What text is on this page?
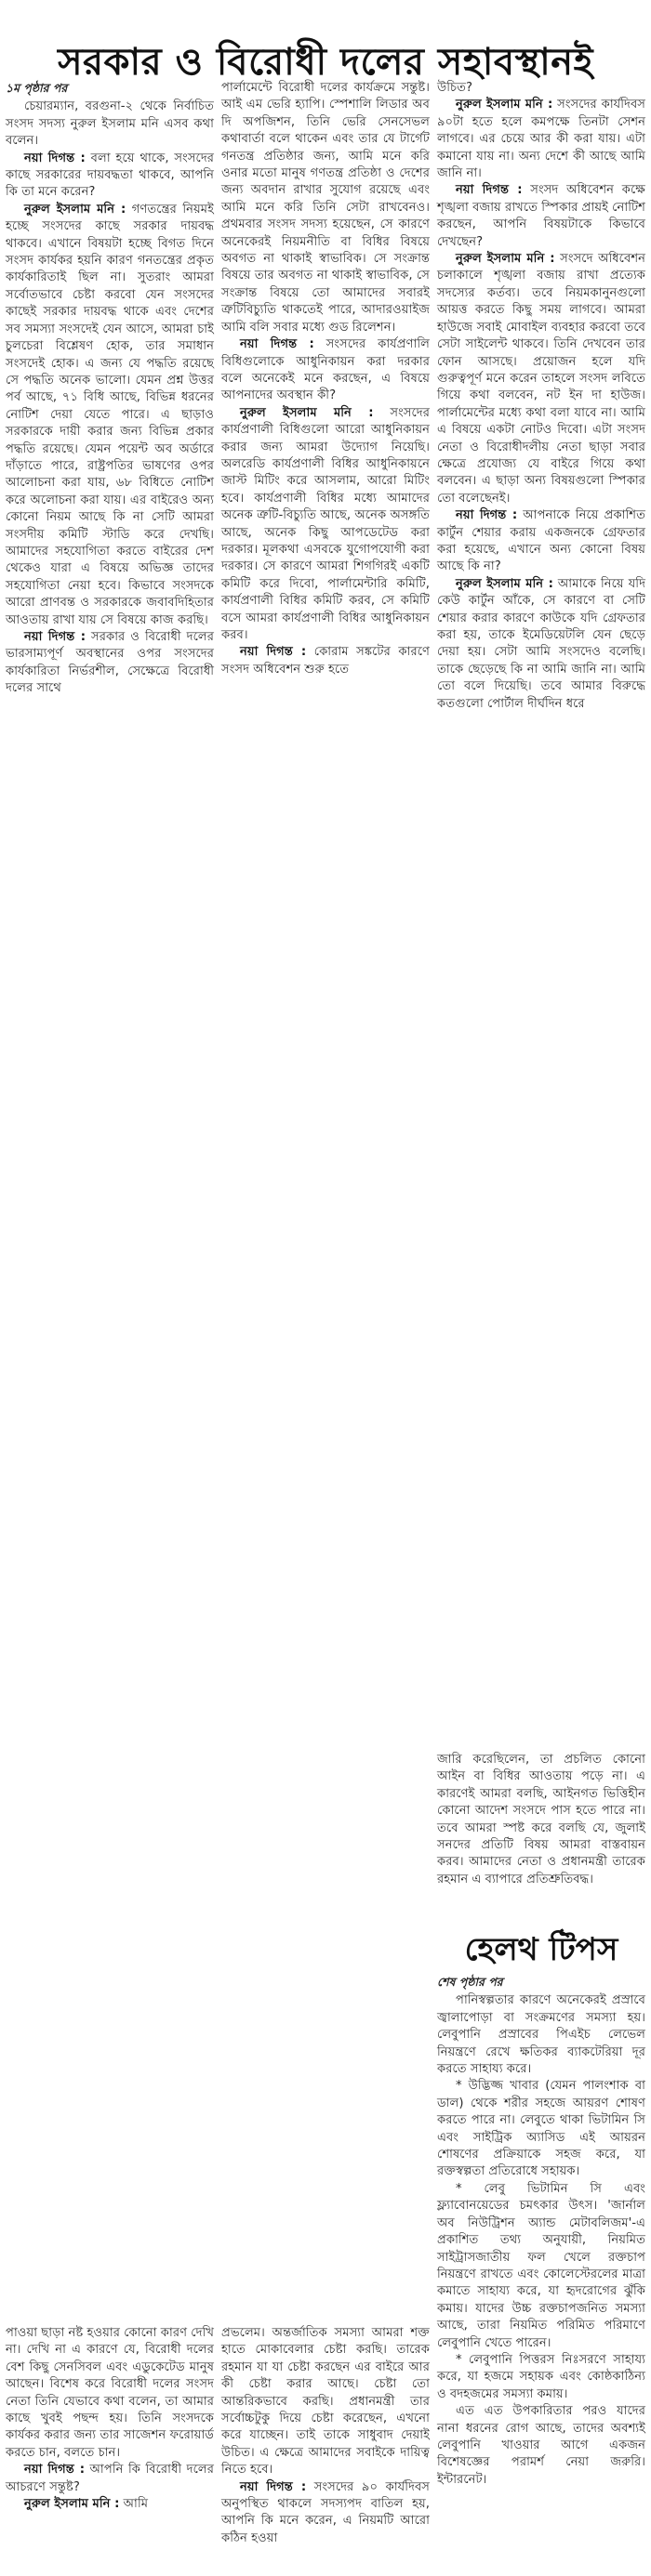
সরকার ও বিরোধী দলের সহাবস্থানই
১ম পৃষ্ঠার পর

চেয়ারম্যান, বরগুনা-২ থেকে নির্বাচিত সংসদ সদস্য নুরুল ইসলাম মনি এসব কথা বলেন।

নয়া দিগন্ত : বলা হয়ে থাকে, সংসদের কাছে সরকারের দায়বদ্ধতা থাকবে, আপনি কি তা মনে করেন?

নুরুল ইসলাম মনি : গণতন্ত্রের নিয়মই হচ্ছে সংসদের কাছে সরকার দায়বদ্ধ থাকবে। এখানে বিষয়টা হচ্ছে বিগত দিনে সংসদ কার্যকর হয়নি কারণ গনতন্ত্রের প্রকৃত কার্যকারিতাই ছিল না। সুতরাং আমরা সর্বোতভাবে চেষ্টা করবো যেন সংসদের কাছেই সরকার দায়বদ্ধ থাকে এবং দেশের সব সমস্যা সংসদেই যেন আসে, আমরা চাই চুলচেরা বিশ্লেষণ হোক, তার সমাধান সংসদেই হোক। এ জন্য যে পদ্ধতি রয়েছে সে পদ্ধতি অনেক ভালো। যেমন প্রশ্ন উত্তর পর্ব আছে, ৭১ বিধি আছে, বিভিন্ন ধরনের নোটিশ দেয়া যেতে পারে। এ ছাড়াও সরকারকে দায়ী করার জন্য বিভিন্ন প্রকার পদ্ধতি রয়েছে। যেমন পয়েন্ট অব অর্ডারে দাঁড়াতে পারে, রাষ্ট্রপতির ভাষণের ওপর আলোচনা করা যায়, ৬৮ বিধিতে নোটিশ করে অলোচনা করা যায়। এর বাইরেও অন্য কোনো নিয়ম আছে কি না সেটি আমরা সংসদীয় কমিটি স্টাডি করে দেখছি। আমাদের সহযোগিতা করতে বাইরের দেশ থেকেও যারা এ বিষয়ে অভিজ্ঞ তাদের সহযোগিতা নেয়া হবে। কিভাবে সংসদকে আরো প্রাণবন্ত ও সরকারকে জবাবদিহিতার আওতায় রাখা যায় সে বিষয়ে কাজ করছি।

নয়া দিগন্ত : সরকার ও বিরোধী দলের ভারসাম্যপূর্ণ অবস্থানের ওপর সংসদের কার্যকারিতা নির্ভরশীল, সেক্ষেত্রে বিরোধী দলের সাথে

পাওয়া ছাড়া নষ্ট হওয়ার কোনো কারণ দেখি না। দেখি না এ কারণে যে, বিরোধী দলের বেশ কিছু সেনসিবল এবং এডুকেটেড মানুষ আছেন। বিশেষ করে বিরোধী দলের সংসদ নেতা তিনি যেভাবে কথা বলেন, তা আমার কাছে খুবই পছন্দ হয়। তিনি সংসদকে কার্যকর করার জন্য তার সাজেশন ফরোয়ার্ড করতে চান, বলতে চান।

নয়া দিগন্ত : আপনি কি বিরোধী দলের আচরণে সন্তুষ্ট?

নুরুল ইসলাম মনি : আমি

পার্লামেন্টে বিরোধী দলের কার্যক্রমে সন্তুষ্ট। আই এম ভেরি হ্যাপি। স্পেশালি লিডার অব দি অপজিশন, তিনি ভেরি সেনসেভল কথাবার্তা বলে থাকেন এবং তার যে টার্গেট গনতন্ত্র প্রতিষ্ঠার জন্য, আমি মনে করি ওনার মতো মানুষ গণতন্ত্র প্রতিষ্ঠা ও দেশের জন্য অবদান রাখার সুযোগ রয়েছে এবং আমি মনে করি তিনি সেটা রাখবেনও। প্রথমবার সংসদ সদস্য হয়েছেন, সে কারণে অনেকেরই নিয়মনীতি বা বিধির বিষয়ে অবগত না থাকাই স্বাভাবিক। সে সংক্রান্ত বিষয়ে তার অবগত না থাকাই স্বাভাবিক, সে সংক্রান্ত বিষয়ে তো আমাদের সবারই ত্রুটিবিচ্যুতি থাকতেই পারে, আদারওয়াইজ আমি বলি সবার মধ্যে গুড রিলেশন।

নয়া দিগন্ত : সংসদের কার্যপ্রণালি বিধিগুলোকে আধুনিকায়ন করা দরকার বলে অনেকেই মনে করছেন, এ বিষয়ে আপনাদের অবস্থান কী?

নুরুল ইসলাম মনি : সংসদের কার্যপ্রণালী বিধিগুলো আরো আধুনিকায়ন করার জন্য আমরা উদ্যোগ নিয়েছি। অলরেডি কার্যপ্রণালী বিধির আধুনিকায়নে জাস্ট মিটিং করে আসলাম, আরো মিটিং হবে। কার্যপ্রণালী বিধির মধ্যে আমাদের অনেক ত্রুটি-বিচ্যুতি আছে, অনেক অসঙ্গতি আছে, অনেক কিছু আপডেটেড করা দরকার। মূলকথা এসবকে যুগোপযোগী করা দরকার। সে কারণে আমরা শিগগিরই একটি কমিটি করে দিবো, পার্লামেন্টারি কমিটি, কার্যপ্রণালী বিধির কমিটি করব, সে কমিটি বসে আমরা কার্যপ্রণালী বিধির আধুনিকায়ন করব।

নয়া দিগন্ত : কোরাম সঙ্কটের কারণে সংসদ অধিবেশন শুরু হতে

প্রভলেম। অন্তর্জাতিক সমস্যা আমরা শক্ত হাতে মোকাবেলার চেষ্টা করছি। তারেক রহমান যা যা চেষ্টা করছেন এর বাইরে আর কী চেষ্টা করার আছে। চেষ্টা তো আন্তরিকভাবে করছি। প্রধানমন্ত্রী তার সর্বোচ্চটুকু দিয়ে চেষ্টা করেছেন, এখনো করে যাচ্ছেন। তাই তাকে সাধুবাদ দেয়াই উচিত। এ ক্ষেত্রে আমাদের সবাইকে দায়িত্ব নিতে হবে।

নয়া দিগন্ত : সংসদের ৯০ কার্যদিবস অনুপস্থিত থাকলে সদস্যপদ বাতিল হয়, আপনি কি মনে করেন, এ নিয়মটি আরো কঠিন হওয়া

উচিত?

নুরুল ইসলাম মনি : সংসদের কার্যদিবস ৯০টা হতে হলে কমপক্ষে তিনটা সেশন লাগবে। এর চেয়ে আর কী করা যায়। এটা কমানো যায় না। অন্য দেশে কী আছে আমি জানি না।

নয়া দিগন্ত : সংসদ অধিবেশন কক্ষে শৃঙ্খলা বজায় রাখতে স্পিকার প্রায়ই নোটিশ করছেন, আপনি বিষয়টাকে কিভাবে দেখছেন?

নুরুল ইসলাম মনি : সংসদে অধিবেশন চলাকালে শৃঙ্খলা বজায় রাখা প্রত্যেক সদস্যের কর্তব্য। তবে নিয়মকানুনগুলো আয়ত্ত করতে কিছু সময় লাগবে। আমরা হাউজে সবাই মোবাইল ব্যবহার করবো তবে সেটা সাইলেন্ট থাকবে। তিনি দেখবেন তার ফোন আসছে। প্রয়োজন হলে যদি গুরুত্বপূর্ণ মনে করেন তাহলে সংসদ লবিতে গিয়ে কথা বলবেন, নট ইন দা হাউজ। পার্লামেন্টের মধ্যে কথা বলা যাবে না। আমি এ বিষয়ে একটা নোটও দিবো। এটা সংসদ নেতা ও বিরোধীদলীয় নেতা ছাড়া সবার ক্ষেত্রে প্রযোজ্য যে বাইরে গিয়ে কথা বলবেন। এ ছাড়া অন্য বিষয়গুলো স্পিকার তো বলেছেনই।

নয়া দিগন্ত : আপনাকে নিয়ে প্রকাশিত কার্টুন শেয়ার করায় একজনকে গ্রেফতার করা হয়েছে, এখানে অন্য কোনো বিষয় আছে কি না?

নুরুল ইসলাম মনি : আমাকে নিয়ে যদি কেউ কার্টুন আঁকে, সে কারণে বা সেটি শেয়ার করার কারণে কাউকে যদি গ্রেফতার করা হয়, তাকে ইমেডিয়েটলি যেন ছেড়ে দেয়া হয়। সেটা আমি সংসদেও বলেছি। তাকে ছেড়েছে কি না আমি জানি না। আমি তো বলে দিয়েছি। তবে আমার বিরুদ্ধে কতগুলো পোর্টাল দীর্ঘদিন ধরে

জারি করেছিলেন, তা প্রচলিত কোনো আইন বা বিধির আওতায় পড়ে না। এ কারণেই আমরা বলছি, আইনগত ভিত্তিহীন কোনো আদেশ সংসদে পাস হতে পারে না। তবে আমরা স্পষ্ট করে বলছি যে, জুলাই সনদের প্রতিটি বিষয় আমরা বাস্তবায়ন করব। আমাদের নেতা ও প্রধানমন্ত্রী তারেক রহমান এ ব্যাপারে প্রতিশ্রুতিবদ্ধ।

হেলথ টিপস
শেষ পৃষ্ঠার পর

পানিস্বল্পতার কারণে অনেকেরই প্রস্রাবে জ্বালাপোড়া বা সংক্রমণের সমস্যা হয়। লেবুপানি প্রস্রাবের পিএইচ লেভেল নিয়ন্ত্রণে রেখে ক্ষতিকর ব্যাকটেরিয়া দূর করতে সাহায্য করে।

* উদ্ভিজ্জ খাবার (যেমন পালংশাক বা ডাল) থেকে শরীর সহজে আয়রণ শোষণ করতে পারে না। লেবুতে থাকা ভিটামিন সি এবং সাইট্রিক অ্যাসিড এই আয়রন শোষণের প্রক্রিয়াকে সহজ করে, যা রক্তস্বল্পতা প্রতিরোধে সহায়ক।

* লেবু ভিটামিন সি এবং ফ্ল্যাবোনয়েডের চমৎকার উৎস। 'জার্নাল অব নিউট্রিশন অ্যান্ড মেটাবলিজম'-এ প্রকাশিত তথ্য অনুযায়ী, নিয়মিত সাইট্রাসজাতীয় ফল খেলে রক্তচাপ নিয়ন্ত্রণে রাখতে এবং কোলেস্টেরলের মাত্রা কমাতে সাহায্য করে, যা হৃদরোগের ঝুঁকি কমায়। যাদের উচ্চ রক্তচাপজনিত সমস্যা আছে, তারা নিয়মিত পরিমিত পরিমাণে লেবুপানি খেতে পারেন।

* লেবুপানি পিত্তরস নিঃসরণে সাহায্য করে, যা হজমে সহায়ক এবং কোষ্ঠকাঠিন্য ও বদহজমের সমস্যা কমায়।

এত এত উপকারিতার পরও যাদের নানা ধরনের রোগ আছে, তাদের অবশ্যই লেবুপানি খাওয়ার আগে একজন বিশেষজ্ঞের পরামর্শ নেয়া জরুরি। ইন্টারনেট।
